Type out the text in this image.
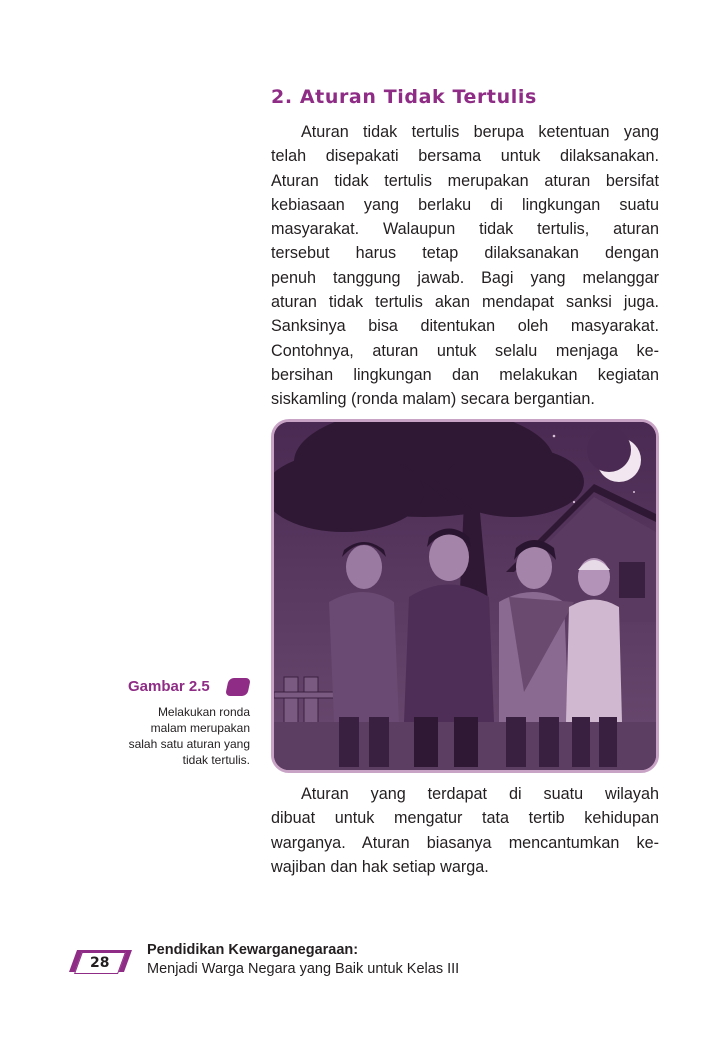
2. Aturan Tidak Tertulis

Aturan tidak tertulis berupa ketentuan yang
telah disepakati bersama untuk dilaksanakan.
Aturan tidak tertulis merupakan aturan bersifat
kebiasaan yang berlaku di lingkungan suatu
masyarakat. Walaupun tidak tertulis, aturan
tersebut harus tetap dilaksanakan dengan
penuh tanggung jawab. Bagi yang melanggar
aturan tidak tertulis akan mendapat sanksi juga.
Sanksinya bisa ditentukan oleh masyarakat.
Contohnya, aturan untuk selalu menjaga ke-
bersihan lingkungan dan melakukan kegiatan
siskamling (ronda malam) secara bergantian.

Gambar 2.5
Melakukan ronda
malam merupakan
salah satu aturan yang
tidak tertulis.

Aturan yang terdapat di suatu wilayah
dibuat untuk mengatur tata tertib kehidupan
warganya. Aturan biasanya mencantumkan ke-
wajiban dan hak setiap warga.

28
Pendidikan Kewarganegaraan:
Menjadi Warga Negara yang Baik untuk Kelas III
